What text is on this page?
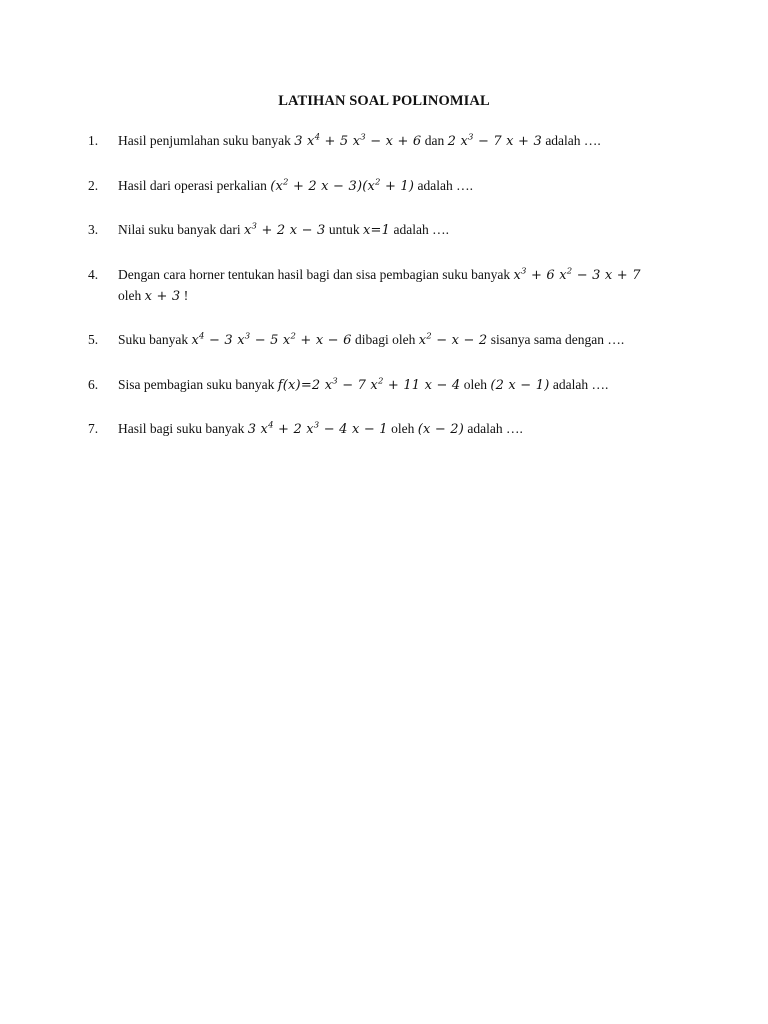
LATIHAN SOAL POLINOMIAL
1. Hasil penjumlahan suku banyak 3 $x^4 + 5$ $x^3 - x + 6$ dan 2 $x^3 - 7$ x + 3 adalah ….
2. Hasil dari operasi perkalian ($x^2 + 2$ $x - 3)(x^2 + 1)$ adalah ….
3. Nilai suku banyak dari $x^3 + 2$ x − 3 untuk x=1 adalah ….
4. Dengan cara horner tentukan hasil bagi dan sisa pembagian suku banyak $x^3 + 6$ $x^2 - 3$ x + 7
oleh x + 3 !
5. Suku banyak $x^4 - 3$ $x^3 - 5$ $x^2 + x - 6$ dibagi oleh $x^2 - x - 2$ sisanya sama dengan ….
6. Sisa pembagian suku banyak f(x)=2 $x^3 - 7$ $x^2 + 11$ x − 4 oleh (2 x − 1) adalah ….
7. Hasil bagi suku banyak 3 $x^4 + 2$ $x^3 - 4$ x − 1 oleh (x − 2) adalah ….
